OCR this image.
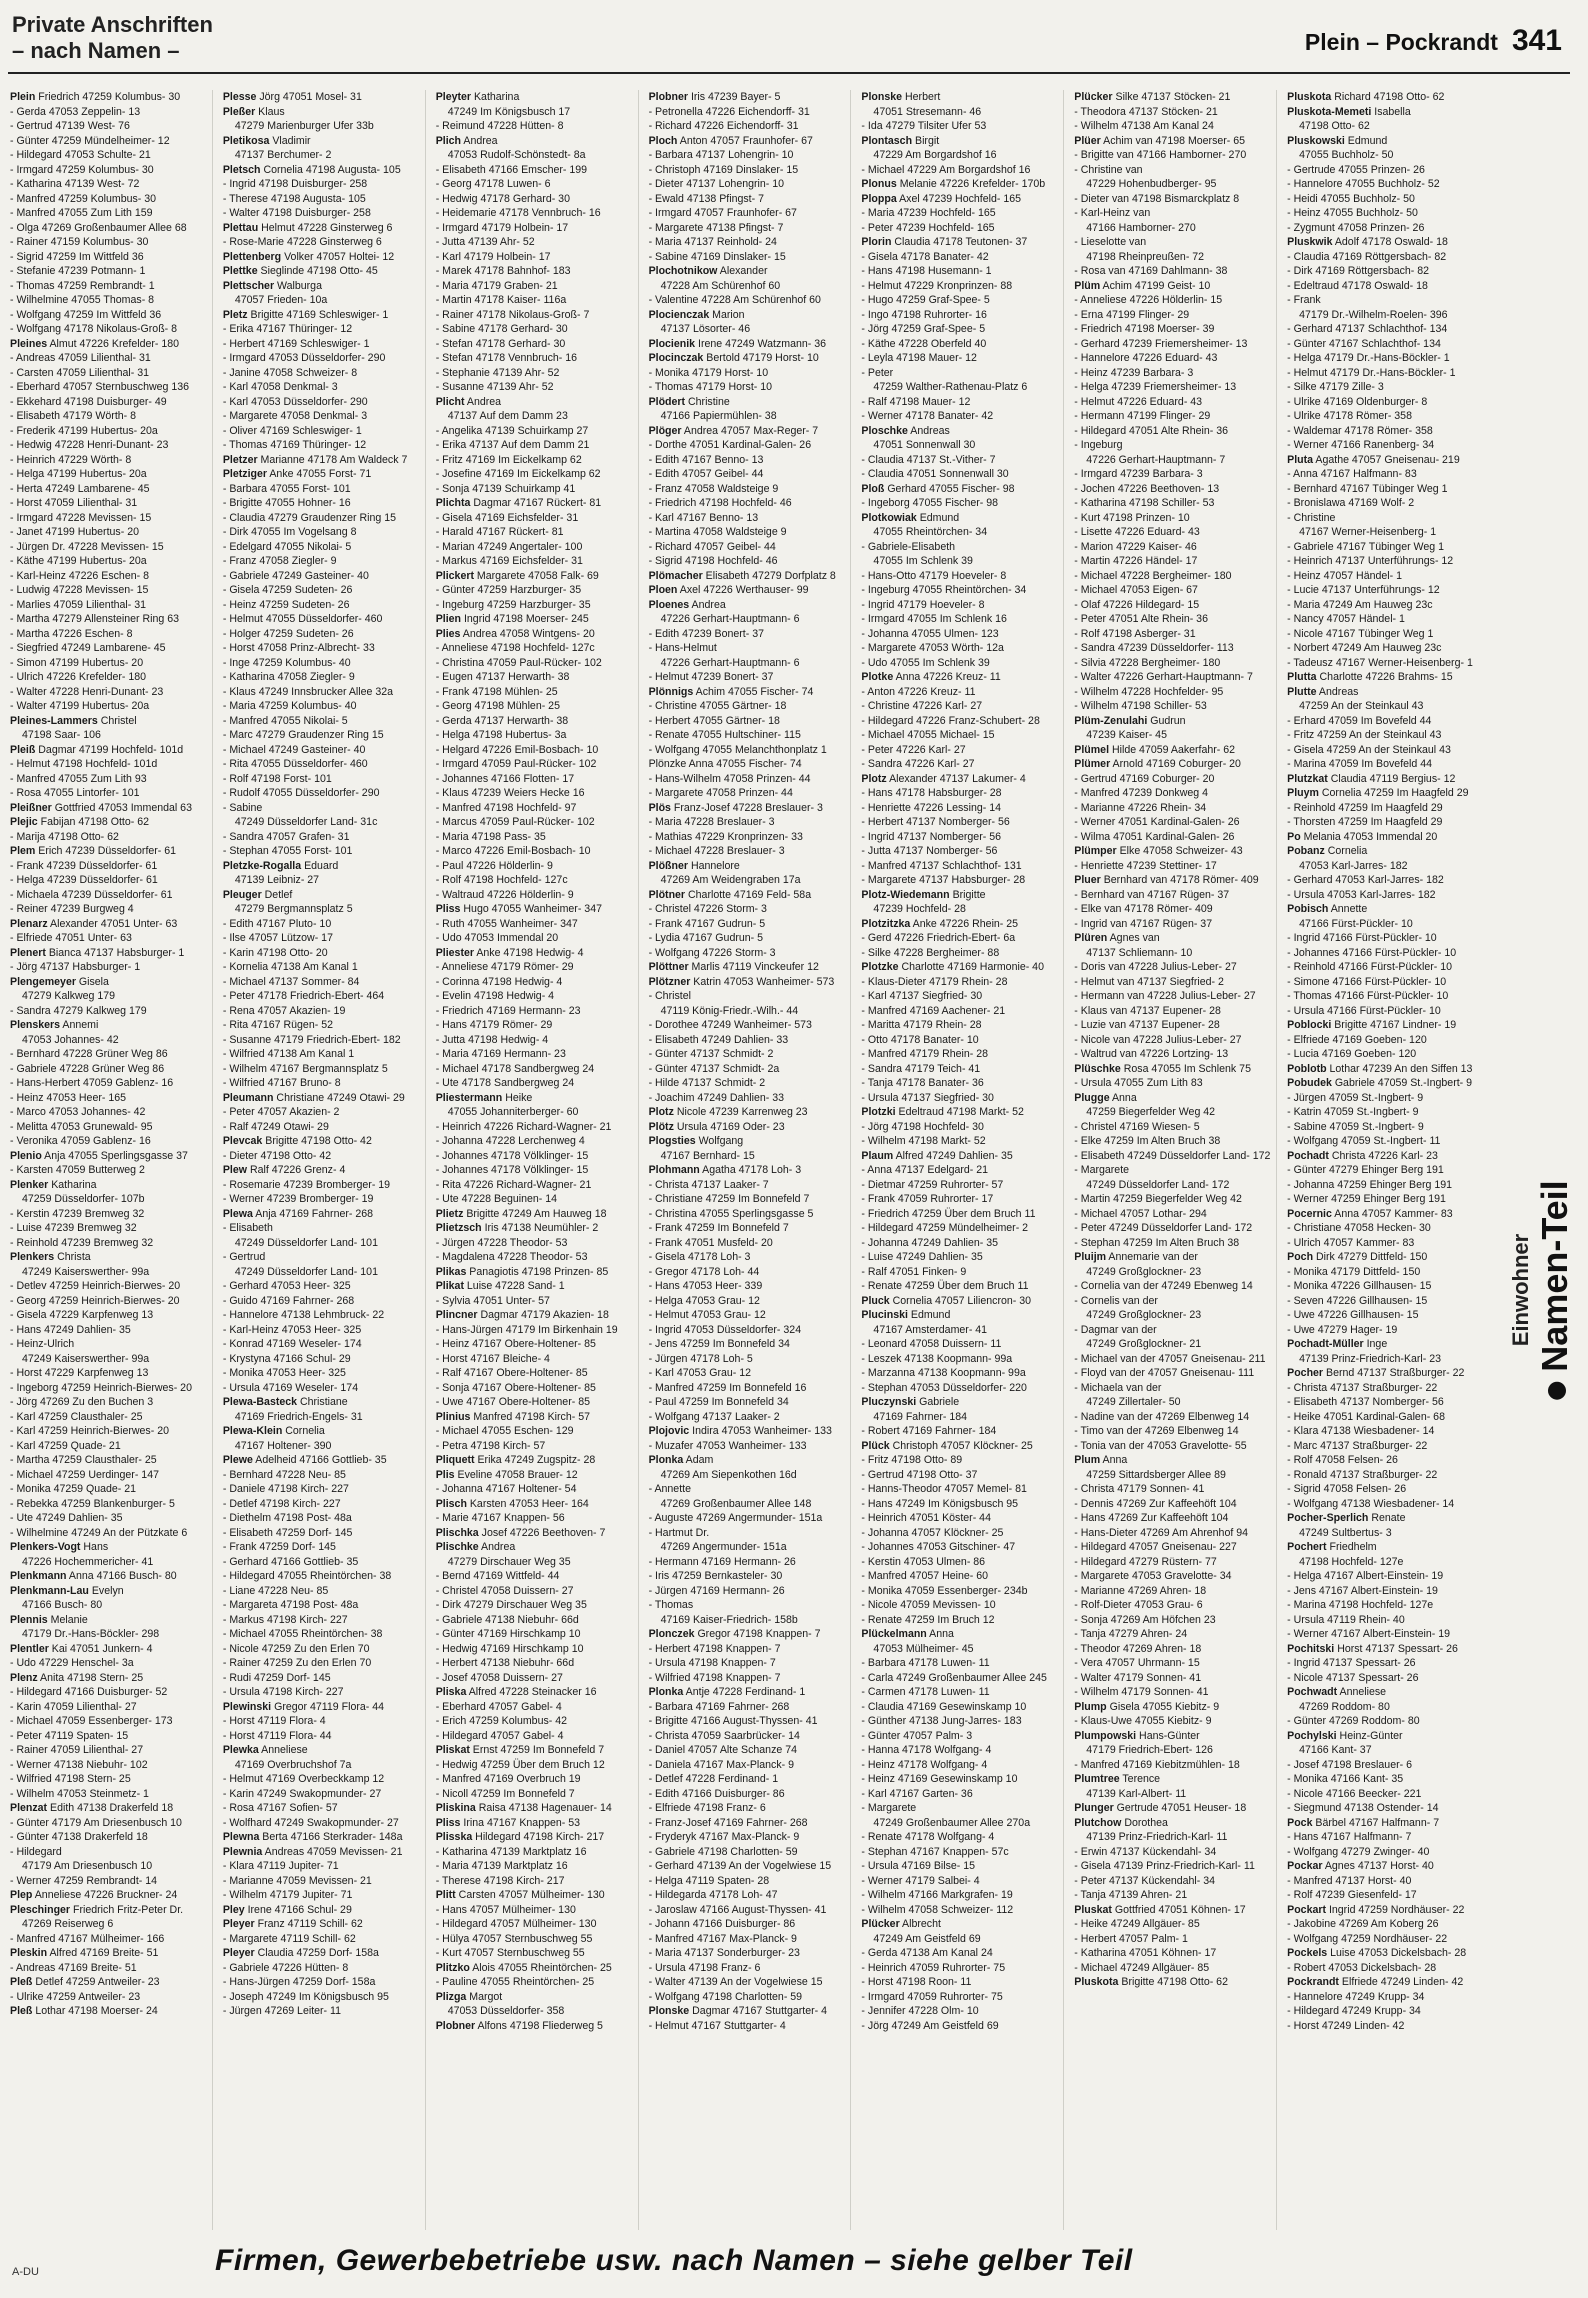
Private Anschriften
– nach Namen –	Plein – Pockrandt 341
Plein Friedrich 47259 Kolumbus- 30
- Gerda 47053 Zeppelin- 13
- Gertrud 47139 West- 76
- Günter 47259 Mündelheimer- 12
- Hildegard 47053 Schulte- 21
- Irmgard 47259 Kolumbus- 30
- Katharina 47139 West- 72
- Manfred 47259 Kolumbus- 30
- Manfred 47055 Zum Lith 159
- Olga 47269 Großenbaumer Allee 68
- Rainer 47159 Kolumbus- 30
- Sigrid 47259 Im Wittfeld 36
- Stefanie 47239 Potmann- 1
- Thomas 47259 Rembrandt- 1
- Wilhelmine 47055 Thomas- 8
- Wolfgang 47259 Im Wittfeld 36
- Wolfgang 47178 Nikolaus-Groß- 8
Pleines Almut 47226 Krefelder- 180
- Andreas 47059 Lilienthal- 31
- Carsten 47059 Lilienthal- 31
- Eberhard 47057 Sternbuschweg 136
- Ekkehard 47198 Duisburger- 49
- Elisabeth 47179 Wörth- 8
- Frederik 47199 Hubertus- 20a
- Hedwig 47228 Henri-Dunant- 23
- Heinrich 47229 Wörth- 8
- Helga 47199 Hubertus- 20a
- Herta 47249 Lambarene- 45
- Horst 47059 Lilienthal- 31
- Irmgard 47228 Mevissen- 15
- Janet 47199 Hubertus- 20
- Jürgen Dr. 47228 Mevissen- 15
- Käthe 47199 Hubertus- 20a
- Karl-Heinz 47226 Eschen- 8
- Ludwig 47228 Mevissen- 15
- Marlies 47059 Lilienthal- 31
- Martha 47279 Allensteiner Ring 63
- Martha 47226 Eschen- 8
- Siegfried 47249 Lambarene- 45
- Simon 47199 Hubertus- 20
- Ulrich 47226 Krefelder- 180
- Walter 47228 Henri-Dunant- 23
- Walter 47199 Hubertus- 20a
Pleines-Lammers Christel
47198 Saar- 106
Pleiß Dagmar 47199 Hochfeld- 101d
- Helmut 47198 Hochfeld- 101d
- Manfred 47055 Zum Lith 93
- Rosa 47055 Lintorfer- 101
Pleißner Gottfried 47053 Immendal 63
Plejic Fabijan 47198 Otto- 62
- Marija 47198 Otto- 62
Plem Erich 47239 Düsseldorfer- 61
- Frank 47239 Düsseldorfer- 61
- Helga 47239 Düsseldorfer- 61
- Michaela 47239 Düsseldorfer- 61
- Reiner 47239 Burgweg 4
Plenarz Alexander 47051 Unter- 63
- Elfriede 47051 Unter- 63
Plenert Bianca 47137 Habsburger- 1
- Jörg 47137 Habsburger- 1
Plengemeyer Gisela
47279 Kalkweg 179
- Sandra 47279 Kalkweg 179
Plenskers Annemi
47053 Johannes- 42
- Bernhard 47228 Grüner Weg 86
- Gabriele 47228 Grüner Weg 86
- Hans-Herbert 47059 Gablenz- 16
- Heinz 47053 Heer- 165
- Marco 47053 Johannes- 42
- Melitta 47053 Grunewald- 95
- Veronika 47059 Gablenz- 16
Plenio Anja 47055 Sperlingsgasse 37
- Karsten 47059 Butterweg 2
Plenker Katharina
47259 Düsseldorfer- 107b
- Kerstin 47239 Bremweg 32
- Luise 47239 Bremweg 32
- Reinhold 47239 Bremweg 32
Plenkers Christa
47249 Kaiserswerther- 99a
- Detlev 47259 Heinrich-Bierwes- 20
- Georg 47259 Heinrich-Bierwes- 20
- Gisela 47229 Karpfenweg 13
- Hans 47249 Dahlien- 35
- Heinz-Ulrich
47249 Kaiserswerther- 99a
- Horst 47229 Karpfenweg 13
- Ingeborg 47259 Heinrich-Bierwes- 20
- Jörg 47269 Zu den Buchen 3
- Karl 47259 Clausthaler- 25
- Karl 47259 Heinrich-Bierwes- 20
- Karl 47259 Quade- 21
- Martha 47259 Clausthaler- 25
- Michael 47259 Uerdinger- 147
- Monika 47259 Quade- 21
- Rebekka 47259 Blankenburger- 5
- Ute 47249 Dahlien- 35
- Wilhelmine 47249 An der Pützkate 6
Plenkers-Vogt Hans
47226 Hochemmericher- 41
Plenkmann Anna 47166 Busch- 80
Plenkmann-Lau Evelyn
47166 Busch- 80
Plennis Melanie
47179 Dr.-Hans-Böckler- 298
Plentler Kai 47051 Junkern- 4
- Udo 47229 Henschel- 3a
Plenz Anita 47198 Stern- 25
- Hildegard 47166 Duisburger- 52
- Karin 47059 Lilienthal- 27
- Michael 47059 Essenberger- 173
- Peter 47119 Spaten- 15
- Rainer 47059 Lilienthal- 27
- Werner 47138 Niebuhr- 102
- Wilfried 47198 Stern- 25
- Wilhelm 47053 Steinmetz- 1
Plenzat Edith 47138 Drakerfeld 18
- Günter 47179 Am Driesenbusch 10
- Günter 47138 Drakerfeld 18
- Hildegard
47179 Am Driesenbusch 10
- Werner 47259 Rembrandt- 14
Plep Anneliese 47226 Bruckner- 24
Pleschinger Friedrich Fritz-Peter Dr.
47269 Reiserweg 6
- Manfred 47167 Mülheimer- 166
Pleskin Alfred 47169 Breite- 51
- Andreas 47169 Breite- 51
Pleß Detlef 47259 Antweiler- 23
- Ulrike 47259 Antweiler- 23
Pleß Lothar 47198 Moerser- 24
Plesse Jörg 47051 Mosel- 31
Pleßer Klaus
47279 Marienburger Ufer 33b
Pletikosa Vladimir
47137 Berchumer- 2
Pletsch Cornelia 47198 Augusta- 105
- Ingrid 47198 Duisburger- 258
- Therese 47198 Augusta- 105
- Walter 47198 Duisburger- 258
Plettau Helmut 47228 Ginsterweg 6
- Rose-Marie 47228 Ginsterweg 6
Plettenberg Volker 47057 Holtei- 12
Plettke Sieglinde 47198 Otto- 45
Plettscher Walburga
47057 Frieden- 10a
Pletz Brigitte 47169 Schleswiger- 1
- Erika 47167 Thüringer- 12
- Herbert 47169 Schleswiger- 1
- Irmgard 47053 Düsseldorfer- 290
- Janine 47058 Schweizer- 8
- Karl 47058 Denkmal- 3
- Karl 47053 Düsseldorfer- 290
- Margarete 47058 Denkmal- 3
- Oliver 47169 Schleswiger- 1
- Thomas 47169 Thüringer- 12
Pletzer Marianne 47178 Am Waldeck 7
Pletziger Anke 47055 Forst- 71
- Barbara 47055 Forst- 101
- Brigitte 47055 Hohner- 16
- Claudia 47279 Graudenzer Ring 15
- Dirk 47055 Im Vogelsang 8
- Edelgard 47055 Nikolai- 5
- Franz 47058 Ziegler- 9
- Gabriele 47249 Gasteiner- 40
- Gisela 47259 Sudeten- 26
- Heinz 47259 Sudeten- 26
- Helmut 47055 Düsseldorfer- 460
- Holger 47259 Sudeten- 26
- Horst 47058 Prinz-Albrecht- 33
- Inge 47259 Kolumbus- 40
- Katharina 47058 Ziegler- 9
- Klaus 47249 Innsbrucker Allee 32a
- Maria 47259 Kolumbus- 40
- Manfred 47055 Nikolai- 5
- Marc 47279 Graudenzer Ring 15
- Michael 47249 Gasteiner- 40
- Rita 47055 Düsseldorfer- 460
- Rolf 47198 Forst- 101
- Rudolf 47055 Düsseldorfer- 290
- Sabine
47249 Düsseldorfer Land- 31c
- Sandra 47057 Grafen- 31
- Stephan 47055 Forst- 101
Pletzke-Rogalla Eduard
47139 Leibniz- 27
Pleuger Detlef
47279 Bergmannsplatz 5
- Edith 47167 Pluto- 10
- Ilse 47057 Lützow- 17
- Karin 47198 Otto- 20
- Kornelia 47138 Am Kanal 1
- Michael 47137 Sommer- 84
- Peter 47178 Friedrich-Ebert- 464
- Rena 47057 Akazien- 19
- Rita 47167 Rügen- 52
- Susanne 47179 Friedrich-Ebert- 182
- Wilfried 47138 Am Kanal 1
- Wilhelm 47167 Bergmannsplatz 5
- Wilfried 47167 Bruno- 8
Pleumann Christiane 47249 Otawi- 29
- Peter 47057 Akazien- 2
- Ralf 47249 Otawi- 29
Plevcak Brigitte 47198 Otto- 42
- Dieter 47198 Otto- 42
Plew Ralf 47226 Grenz- 4
- Rosemarie 47239 Bromberger- 19
- Werner 47239 Bromberger- 19
Plewa Anja 47169 Fahrner- 268
- Elisabeth
47249 Düsseldorfer Land- 101
- Gertrud
47249 Düsseldorfer Land- 101
- Gerhard 47053 Heer- 325
- Guido 47169 Fahrner- 268
- Hannelore 47138 Lehmbruck- 22
- Karl-Heinz 47053 Heer- 325
- Konrad 47169 Weseler- 174
- Krystyna 47166 Schul- 29
- Monika 47053 Heer- 325
- Ursula 47169 Weseler- 174
Plewa-Basteck Christiane
47169 Friedrich-Engels- 31
Plewa-Klein Cornelia
47167 Holtener- 390
Plewe Adelheid 47166 Gottlieb- 35
- Bernhard 47228 Neu- 85
- Daniele 47198 Kirch- 227
- Detlef 47198 Kirch- 227
- Diethelm 47198 Post- 48a
- Elisabeth 47259 Dorf- 145
- Frank 47259 Dorf- 145
- Gerhard 47166 Gottlieb- 35
- Hildegard 47055 Rheintörchen- 38
- Liane 47228 Neu- 85
- Margareta 47198 Post- 48a
- Markus 47198 Kirch- 227
- Michael 47055 Rheintörchen- 38
- Nicole 47259 Zu den Erlen 70
- Rainer 47259 Zu den Erlen 70
- Rudi 47259 Dorf- 145
- Ursula 47198 Kirch- 227
Plewinski Gregor 47119 Flora- 44
- Horst 47119 Flora- 4
- Horst 47119 Flora- 44
Plewka Anneliese
47169 Overbruchshof 7a
- Helmut 47169 Overbeckkamp 12
- Karin 47249 Swakopmunder- 27
- Rosa 47167 Sofien- 57
- Wolfhard 47249 Swakopmunder- 27
Plewna Berta 47166 Sterkrader- 148a
Plewnia Andreas 47059 Mevissen- 21
- Klara 47119 Jupiter- 71
- Marianne 47059 Mevissen- 21
- Wilhelm 47179 Jupiter- 71
Pley Irene 47166 Schul- 29
Pleyer Franz 47119 Schill- 62
- Margarete 47119 Schill- 62
Pleyer Claudia 47259 Dorf- 158a
- Gabriele 47226 Hütten- 8
- Hans-Jürgen 47259 Dorf- 158a
- Joseph 47249 Im Königsbusch 95
- Jürgen 47269 Leiter- 11
Pleyter Katharina
47249 Im Königsbusch 17
- Reimund 47228 Hütten- 8
Plich Andrea
47053 Rudolf-Schönstedt- 8a
- Elisabeth 47166 Emscher- 199
- Georg 47178 Luwen- 6
- Hedwig 47178 Gerhard- 30
- Heidemarie 47178 Vennbruch- 16
- Irmgard 47179 Holbein- 17
- Jutta 47139 Ahr- 52
- Karl 47179 Holbein- 17
- Marek 47178 Bahnhof- 183
- Maria 47179 Graben- 21
- Martin 47178 Kaiser- 116a
- Rainer 47178 Nikolaus-Groß- 7
- Sabine 47178 Gerhard- 30
- Stefan 47178 Gerhard- 30
- Stefan 47178 Vennbruch- 16
- Stephanie 47139 Ahr- 52
- Susanne 47139 Ahr- 52
Plicht Andrea
47137 Auf dem Damm 23
- Angelika 47139 Schuirkamp 27
- Erika 47137 Auf dem Damm 21
- Fritz 47169 Im Eickelkamp 62
- Josefine 47169 Im Eickelkamp 62
- Sonja 47139 Schuirkamp 41
Plichta Dagmar 47167 Rückert- 81
- Gisela 47169 Eichsfelder- 31
- Harald 47167 Rückert- 81
- Marian 47249 Angertaler- 100
- Markus 47169 Eichsfelder- 31
Plickert Margarete 47058 Falk- 69
- Günter 47259 Harzburger- 35
- Ingeburg 47259 Harzburger- 35
Plien Ingrid 47198 Moerser- 245
Plies Andrea 47058 Wintgens- 20
- Anneliese 47198 Hochfeld- 127c
- Christina 47059 Paul-Rücker- 102
- Eugen 47137 Herwarth- 38
- Frank 47198 Mühlen- 25
- Georg 47198 Mühlen- 25
- Gerda 47137 Herwarth- 38
- Helga 47198 Hubertus- 3a
- Helgard 47226 Emil-Bosbach- 10
- Irmgard 47059 Paul-Rücker- 102
- Johannes 47166 Flotten- 17
- Klaus 47239 Weiers Hecke 16
- Manfred 47198 Hochfeld- 97
- Marcus 47059 Paul-Rücker- 102
- Maria 47198 Pass- 35
- Marco 47226 Emil-Bosbach- 10
- Paul 47226 Hölderlin- 9
- Rolf 47198 Hochfeld- 127c
- Waltraud 47226 Hölderlin- 9
Pliss Hugo 47055 Wanheimer- 347
- Ruth 47055 Wanheimer- 347
- Udo 47053 Immendal 20
Pliester Anke 47198 Hedwig- 4
- Anneliese 47179 Römer- 29
- Corinna 47198 Hedwig- 4
- Evelin 47198 Hedwig- 4
- Friedrich 47169 Hermann- 23
- Hans 47179 Römer- 29
- Jutta 47198 Hedwig- 4
- Maria 47169 Hermann- 23
- Michael 47178 Sandbergweg 24
- Ute 47178 Sandbergweg 24
Pliestermann Heike
47055 Johanniterberger- 60
- Heinrich 47226 Richard-Wagner- 21
- Johanna 47228 Lerchenweg 4
- Johannes 47178 Völklinger- 15
- Johannes 47178 Völklinger- 15
- Rita 47226 Richard-Wagner- 21
- Ute 47228 Beguinen- 14
Plietz Brigitte 47249 Am Hauweg 18
Plietzsch Iris 47138 Neumühler- 2
- Jürgen 47228 Theodor- 53
- Magdalena 47228 Theodor- 53
Plikas Panagiotis 47198 Prinzen- 85
Plikat Luise 47228 Sand- 1
- Sylvia 47051 Unter- 57
Plincner Dagmar 47179 Akazien- 18
- Hans-Jürgen 47179 Im Birkenhain 19
- Heinz 47167 Obere-Holtener- 85
- Horst 47167 Bleiche- 4
- Ralf 47167 Obere-Holtener- 85
- Sonja 47167 Obere-Holtener- 85
- Uwe 47167 Obere-Holtener- 85
Plinius Manfred 47198 Kirch- 57
- Michael 47055 Eschen- 129
- Petra 47198 Kirch- 57
Pliquett Erika 47249 Zugspitz- 28
Plis Eveline 47058 Brauer- 12
- Johanna 47167 Holtener- 54
Plisch Karsten 47053 Heer- 164
- Marie 47167 Knappen- 56
Plischka Josef 47226 Beethoven- 7
Plischke Andrea
47279 Dirschauer Weg 35
- Bernd 47169 Wittfeld- 44
- Christel 47058 Duissern- 27
- Dirk 47279 Dirschauer Weg 35
- Gabriele 47138 Niebuhr- 66d
- Günter 47169 Hirschkamp 10
- Hedwig 47169 Hirschkamp 10
- Herbert 47138 Niebuhr- 66d
- Josef 47058 Duissern- 27
Pliska Alfred 47228 Steinacker 16
- Eberhard 47057 Gabel- 4
- Erich 47259 Kolumbus- 42
- Hildegard 47057 Gabel- 4
Pliskat Ernst 47259 Im Bonnefeld 7
- Hedwig 47259 Über dem Bruch 12
- Manfred 47169 Overbruch 19
- Nicoll 47259 Im Bonnefeld 7
Pliskina Raisa 47138 Hagenauer- 14
Pliss Irina 47167 Knappen- 53
Plisska Hildegard 47198 Kirch- 217
- Katharina 47139 Marktplatz 16
- Maria 47139 Marktplatz 16
- Therese 47198 Kirch- 217
Plitt Carsten 47057 Mülheimer- 130
- Hans 47057 Mülheimer- 130
- Hildegard 47057 Mülheimer- 130
- Hülya 47057 Sternbuschweg 55
- Kurt 47057 Sternbuschweg 55
Plitzko Alois 47055 Rheintörchen- 25
- Pauline 47055 Rheintörchen- 25
Plizga Margot
47053 Düsseldorfer- 358
Plobner Alfons 47198 Fliederweg 5
Plobner Iris 47239 Bayer- 5
- Petronella 47226 Eichendorff- 31
- Richard 47226 Eichendorff- 31
Ploch Anton 47057 Fraunhofer- 67
- Barbara 47137 Lohengrin- 10
- Christoph 47169 Dinslaker- 15
- Dieter 47137 Lohengrin- 10
- Ewald 47138 Pfingst- 7
- Irmgard 47057 Fraunhofer- 67
- Margarete 47138 Pfingst- 7
- Maria 47137 Reinhold- 24
- Sabine 47169 Dinslaker- 15
Plochotnikow Alexander
47228 Am Schürenhof 60
- Valentine 47228 Am Schürenhof 60
Plocienczak Marion
47137 Lösorter- 46
Plocienik Irene 47249 Watzmann- 36
Plocinczak Bertold 47179 Horst- 10
- Monika 47179 Horst- 10
- Thomas 47179 Horst- 10
Plödert Christine
47166 Papiermühlen- 38
Plöger Andrea 47057 Max-Reger- 7
- Dorthe 47051 Kardinal-Galen- 26
- Edith 47167 Benno- 13
- Edith 47057 Geibel- 44
- Franz 47058 Waldsteige 9
- Friedrich 47198 Hochfeld- 46
- Karl 47167 Benno- 13
- Martina 47058 Waldsteige 9
- Richard 47057 Geibel- 44
- Sigrid 47198 Hochfeld- 46
Plömacher Elisabeth 47279 Dorfplatz 8
Ploen Axel 47226 Werthauser- 99
Ploenes Andrea
47226 Gerhart-Hauptmann- 6
- Edith 47239 Bonert- 37
- Hans-Helmut
47226 Gerhart-Hauptmann- 6
- Helmut 47239 Bonert- 37
Plönnigs Achim 47055 Fischer- 74
- Christine 47055 Gärtner- 18
- Herbert 47055 Gärtner- 18
- Renate 47055 Hultschiner- 115
- Wolfgang 47055 Melanchthonplatz 1
Plönzke Anna 47055 Fischer- 74
- Hans-Wilhelm 47058 Prinzen- 44
- Margarete 47058 Prinzen- 44
Plös Franz-Josef 47228 Breslauer- 3
- Maria 47228 Breslauer- 3
- Mathias 47229 Kronprinzen- 33
- Michael 47228 Breslauer- 3
Plößner Hannelore
47269 Am Weidengraben 17a
Plötner Charlotte 47169 Feld- 58a
- Christel 47226 Storm- 3
- Frank 47167 Gudrun- 5
- Lydia 47167 Gudrun- 5
- Wolfgang 47226 Storm- 3
Plöttner Marlis 47119 Vinckeufer 12
Plötzner Katrin 47053 Wanheimer- 573
- Christel
47119 König-Friedr.-Wilh.- 44
- Dorothee 47249 Wanheimer- 573
- Elisabeth 47249 Dahlien- 33
- Günter 47137 Schmidt- 2
- Günter 47137 Schmidt- 2a
- Hilde 47137 Schmidt- 2
- Joachim 47249 Dahlien- 33
Plotz Nicole 47239 Karrenweg 23
Plötz Ursula 47169 Oder- 23
Plogsties Wolfgang
47167 Bernhard- 15
Plohmann Agatha 47178 Loh- 3
- Christa 47137 Laaker- 7
- Christiane 47259 Im Bonnefeld 7
- Christina 47055 Sperlingsgasse 5
- Frank 47259 Im Bonnefeld 7
- Frank 47051 Musfeld- 20
- Gisela 47178 Loh- 3
- Gregor 47178 Loh- 44
- Hans 47053 Heer- 339
- Helga 47053 Grau- 12
- Helmut 47053 Grau- 12
- Ingrid 47053 Düsseldorfer- 324
- Jens 47259 Im Bonnefeld 34
- Jürgen 47178 Loh- 5
- Karl 47053 Grau- 12
- Manfred 47259 Im Bonnefeld 16
- Paul 47259 Im Bonnefeld 34
- Wolfgang 47137 Laaker- 2
Plojovic Indira 47053 Wanheimer- 133
- Muzafer 47053 Wanheimer- 133
Plonka Adam
47269 Am Siepenkothen 16d
- Annette
47269 Großenbaumer Allee 148
- Auguste 47269 Angermunder- 151a
- Hartmut Dr.
47269 Angermunder- 151a
- Hermann 47169 Hermann- 26
- Iris 47259 Bernkasteler- 30
- Jürgen 47169 Hermann- 26
- Thomas
47169 Kaiser-Friedrich- 158b
Plonczek Gregor 47198 Knappen- 7
- Herbert 47198 Knappen- 7
- Ursula 47198 Knappen- 7
- Wilfried 47198 Knappen- 7
Plonka Antje 47228 Ferdinand- 1
- Barbara 47169 Fahrner- 268
- Brigitte 47166 August-Thyssen- 41
- Christa 47059 Saarbrücker- 14
- Daniel 47057 Alte Schanze 74
- Daniela 47167 Max-Planck- 9
- Detlef 47228 Ferdinand- 1
- Edith 47166 Duisburger- 86
- Elfriede 47198 Franz- 6
- Franz-Josef 47169 Fahrner- 268
- Fryderyk 47167 Max-Planck- 9
- Gabriele 47198 Charlotten- 59
- Gerhard 47139 An der Vogelwiese 15
- Helga 47119 Spaten- 28
- Hildegarda 47178 Loh- 47
- Jaroslaw 47166 August-Thyssen- 41
- Johann 47166 Duisburger- 86
- Manfred 47167 Max-Planck- 9
- Maria 47137 Sonderburger- 23
- Ursula 47198 Franz- 6
- Walter 47139 An der Vogelwiese 15
- Wolfgang 47198 Charlotten- 59
Plonske Dagmar 47167 Stuttgarter- 4
- Helmut 47167 Stuttgarter- 4
Plonske Herbert
47051 Stresemann- 46
- Ida 47279 Tilsiter Ufer 53
Plontasch Birgit
47229 Am Borgardshof 16
- Michael 47229 Am Borgardshof 16
Plonus Melanie 47226 Krefelder- 170b
Ploppa Axel 47239 Hochfeld- 165
- Maria 47239 Hochfeld- 165
- Peter 47239 Hochfeld- 165
Plorin Claudia 47178 Teutonen- 37
- Gisela 47178 Banater- 42
- Hans 47198 Husemann- 1
- Helmut 47229 Kronprinzen- 88
- Hugo 47259 Graf-Spee- 5
- Ingo 47198 Ruhrorter- 16
- Jörg 47259 Graf-Spee- 5
- Käthe 47228 Oberfeld 40
- Leyla 47198 Mauer- 12
- Peter
47259 Walther-Rathenau-Platz 6
- Ralf 47198 Mauer- 12
- Werner 47178 Banater- 42
Ploschke Andreas
47051 Sonnenwall 30
- Claudia 47137 St.-Vither- 7
- Claudia 47051 Sonnenwall 30
Ploß Gerhard 47055 Fischer- 98
- Ingeborg 47055 Fischer- 98
Plotkowiak Edmund
47055 Rheintörchen- 34
- Gabriele-Elisabeth
47055 Im Schlenk 39
- Hans-Otto 47179 Hoeveler- 8
- Ingeburg 47055 Rheintörchen- 34
- Ingrid 47179 Hoeveler- 8
- Irmgard 47055 Im Schlenk 16
- Johanna 47055 Ulmen- 123
- Margarete 47053 Wörth- 12a
- Udo 47055 Im Schlenk 39
Plotke Anna 47226 Kreuz- 11
- Anton 47226 Kreuz- 11
- Christine 47226 Karl- 27
- Hildegard 47226 Franz-Schubert- 28
- Michael 47055 Michael- 15
- Peter 47226 Karl- 27
- Sandra 47226 Karl- 27
Plotz Alexander 47137 Lakumer- 4
- Hans 47178 Habsburger- 28
- Henriette 47226 Lessing- 14
- Herbert 47137 Nomberger- 56
- Ingrid 47137 Nomberger- 56
- Jutta 47137 Nomberger- 56
- Manfred 47137 Schlachthof- 131
- Margarete 47137 Habsburger- 28
Plotz-Wiedemann Brigitte
47239 Hochfeld- 28
Plotzitzka Anke 47226 Rhein- 25
- Gerd 47226 Friedrich-Ebert- 6a
- Silke 47228 Bergheimer- 88
Plotzke Charlotte 47169 Harmonie- 40
- Klaus-Dieter 47179 Rhein- 28
- Karl 47137 Siegfried- 30
- Manfred 47169 Aachener- 21
- Maritta 47179 Rhein- 28
- Otto 47178 Banater- 10
- Manfred 47179 Rhein- 28
- Sandra 47179 Teich- 41
- Tanja 47178 Banater- 36
- Ursula 47137 Siegfried- 30
Plotzki Edeltraud 47198 Markt- 52
- Jörg 47198 Hochfeld- 30
- Wilhelm 47198 Markt- 52
Plaum Alfred 47249 Dahlien- 35
- Anna 47137 Edelgard- 21
- Dietmar 47259 Ruhrorter- 57
- Frank 47059 Ruhrorter- 17
- Friedrich 47259 Über dem Bruch 11
- Hildegard 47259 Mündelheimer- 2
- Johanna 47249 Dahlien- 35
- Luise 47249 Dahlien- 35
- Ralf 47051 Finken- 9
- Renate 47259 Über dem Bruch 11
Pluck Cornelia 47057 Liliencron- 30
Plucinski Edmund
47167 Amsterdamer- 41
- Leonard 47058 Duissern- 11
- Leszek 47138 Koopmann- 99a
- Marzanna 47138 Koopmann- 99a
- Stephan 47053 Düsseldorfer- 220
Pluczynski Gabriele
47169 Fahrner- 184
- Robert 47169 Fahrner- 184
Plück Christoph 47057 Klöckner- 25
- Fritz 47198 Otto- 89
- Gertrud 47198 Otto- 37
- Hanns-Theodor 47057 Memel- 81
- Hans 47249 Im Königsbusch 95
- Heinrich 47051 Köster- 44
- Johanna 47057 Klöckner- 25
- Johannes 47053 Gitschiner- 47
- Kerstin 47053 Ulmen- 86
- Manfred 47057 Heine- 60
- Monika 47059 Essenberger- 234b
- Nicole 47059 Mevissen- 10
- Renate 47259 Im Bruch 12
Plückelmann Anna
47053 Mülheimer- 45
- Barbara 47178 Luwen- 11
- Carla 47249 Großenbaumer Allee 245
- Carmen 47178 Luwen- 11
- Claudia 47169 Gesewinskamp 10
- Günther 47138 Jung-Jarres- 183
- Günter 47057 Palm- 3
- Hanna 47178 Wolfgang- 4
- Heinz 47178 Wolfgang- 4
- Heinz 47169 Gesewinskamp 10
- Karl 47167 Garten- 36
- Margarete
47249 Großenbaumer Allee 270a
- Renate 47178 Wolfgang- 4
- Stephan 47167 Knappen- 57c
- Ursula 47169 Bilse- 15
- Werner 47179 Salbei- 4
- Wilhelm 47166 Markgrafen- 19
- Wilhelm 47058 Schweizer- 112
Plücker Albrecht
47249 Am Geistfeld 69
- Gerda 47138 Am Kanal 24
- Heinrich 47059 Ruhrorter- 75
- Horst 47198 Roon- 11
- Irmgard 47059 Ruhrorter- 75
- Jennifer 47228 Olm- 10
- Jörg 47249 Am Geistfeld 69
Plücker Silke 47137 Stöcken- 21
- Theodora 47137 Stöcken- 21
- Wilhelm 47138 Am Kanal 24
Plüer Achim van 47198 Moerser- 65
- Brigitte van 47166 Hamborner- 270
- Christine van
47229 Hohenbudberger- 95
- Dieter van 47198 Bismarckplatz 8
- Karl-Heinz van
47166 Hamborner- 270
- Lieselotte van
47198 Rheinpreußen- 72
- Rosa van 47169 Dahlmann- 38
Plüm Achim 47199 Geist- 10
- Anneliese 47226 Hölderlin- 15
- Erna 47199 Flinger- 29
- Friedrich 47198 Moerser- 39
- Gerhard 47239 Friemersheimer- 13
- Hannelore 47226 Eduard- 43
- Heinz 47239 Barbara- 3
- Helga 47239 Friemersheimer- 13
- Helmut 47226 Eduard- 43
- Hermann 47199 Flinger- 29
- Hildegard 47051 Alte Rhein- 36
- Ingeburg
47226 Gerhart-Hauptmann- 7
- Irmgard 47239 Barbara- 3
- Jochen 47226 Beethoven- 13
- Katharina 47198 Schiller- 53
- Kurt 47198 Prinzen- 10
- Lisette 47226 Eduard- 43
- Marion 47229 Kaiser- 46
- Martin 47226 Händel- 17
- Michael 47228 Bergheimer- 180
- Michael 47053 Eigen- 67
- Olaf 47226 Hildegard- 15
- Peter 47051 Alte Rhein- 36
- Rolf 47198 Asberger- 31
- Sandra 47239 Düsseldorfer- 113
- Silvia 47228 Bergheimer- 180
- Walter 47226 Gerhart-Hauptmann- 7
- Wilhelm 47228 Hochfelder- 95
- Wilhelm 47198 Schiller- 53
Plüm-Zenulahi Gudrun
47239 Kaiser- 45
Plümel Hilde 47059 Aakerfahr- 62
Plümer Arnold 47169 Coburger- 20
- Gertrud 47169 Coburger- 20
- Manfred 47239 Donkweg 4
- Marianne 47226 Rhein- 34
- Werner 47051 Kardinal-Galen- 26
- Wilma 47051 Kardinal-Galen- 26
Plümper Elke 47058 Schweizer- 43
- Henriette 47239 Stettiner- 17
Pluer Bernhard van 47178 Römer- 409
- Bernhard van 47167 Rügen- 37
- Elke van 47178 Römer- 409
- Ingrid van 47167 Rügen- 37
Plüren Agnes van
47137 Schliemann- 10
- Doris van 47228 Julius-Leber- 27
- Helmut van 47137 Siegfried- 2
- Hermann van 47228 Julius-Leber- 27
- Klaus van 47137 Eupener- 28
- Luzie van 47137 Eupener- 28
- Nicole van 47228 Julius-Leber- 27
- Waltrud van 47226 Lortzing- 13
Plüschke Rosa 47055 Im Schlenk 75
- Ursula 47055 Zum Lith 83
Plugge Anna
47259 Biegerfelder Weg 42
- Christel 47169 Wiesen- 5
- Elke 47259 Im Alten Bruch 38
- Elisabeth 47249 Düsseldorfer Land- 172
- Margarete
47249 Düsseldorfer Land- 172
- Martin 47259 Biegerfelder Weg 42
- Michael 47057 Lothar- 294
- Peter 47249 Düsseldorfer Land- 172
- Stephan 47259 Im Alten Bruch 38
Pluijm Annemarie van der
47249 Großglockner- 23
- Cornelia van der 47249 Ebenweg 14
- Cornelis van der
47249 Großglockner- 23
- Dagmar van der
47249 Großglockner- 21
- Michael van der 47057 Gneisenau- 211
- Floyd van der 47057 Gneisenau- 111
- Michaela van der
47249 Zillertaler- 50
- Nadine van der 47269 Elbenweg 14
- Timo van der 47269 Elbenweg 14
- Tonia van der 47053 Gravelotte- 55
Plum Anna
47259 Sittardsberger Allee 89
- Christa 47179 Sonnen- 41
- Dennis 47269 Zur Kaffeehöft 104
- Hans 47269 Zur Kaffeehöft 104
- Hans-Dieter 47269 Am Ahrenhof 94
- Hildegard 47057 Gneisenau- 227
- Hildegard 47279 Rüstern- 77
- Margarete 47053 Gravelotte- 34
- Marianne 47269 Ahren- 18
- Rolf-Dieter 47053 Grau- 6
- Sonja 47269 Am Höfchen 23
- Tanja 47279 Ahren- 24
- Theodor 47269 Ahren- 18
- Vera 47057 Uhrmann- 15
- Walter 47179 Sonnen- 41
- Wilhelm 47179 Sonnen- 41
Plump Gisela 47055 Kiebitz- 9
- Klaus-Uwe 47055 Kiebitz- 9
Plumpowski Hans-Günter
47179 Friedrich-Ebert- 126
- Manfred 47169 Kiebitzmühlen- 18
Plumtree Terence
47139 Karl-Albert- 11
Plunger Gertrude 47051 Heuser- 18
Plutchow Dorothea
47139 Prinz-Friedrich-Karl- 11
- Erwin 47137 Kückendahl- 34
- Gisela 47139 Prinz-Friedrich-Karl- 11
- Peter 47137 Kückendahl- 34
- Tanja 47139 Ahren- 21
Pluskat Gottfried 47051 Köhnen- 17
- Heike 47249 Allgäuer- 85
- Herbert 47057 Palm- 1
- Katharina 47051 Köhnen- 17
- Michael 47249 Allgäuer- 85
Pluskota Brigitte 47198 Otto- 62
Pluskota Richard 47198 Otto- 62
Pluskota-Memeti Isabella
47198 Otto- 62
Pluskowski Edmund
47055 Buchholz- 50
- Gertrude 47055 Prinzen- 26
- Hannelore 47055 Buchholz- 52
- Heidi 47055 Buchholz- 50
- Heinz 47055 Buchholz- 50
- Zygmunt 47058 Prinzen- 26
Pluskwik Adolf 47178 Oswald- 18
- Claudia 47169 Röttgersbach- 82
- Dirk 47169 Röttgersbach- 82
- Edeltraud 47178 Oswald- 18
- Frank
47179 Dr.-Wilhelm-Roelen- 396
- Gerhard 47137 Schlachthof- 134
- Günter 47167 Schlachthof- 134
- Helga 47179 Dr.-Hans-Böckler- 1
- Helmut 47179 Dr.-Hans-Böckler- 1
- Silke 47179 Zille- 3
- Ulrike 47169 Oldenburger- 8
- Ulrike 47178 Römer- 358
- Waldemar 47178 Römer- 358
- Werner 47166 Ranenberg- 34
Pluta Agathe 47057 Gneisenau- 219
- Anna 47167 Halfmann- 83
- Bernhard 47167 Tübinger Weg 1
- Bronislawa 47169 Wolf- 2
- Christine
47167 Werner-Heisenberg- 1
- Gabriele 47167 Tübinger Weg 1
- Heinrich 47137 Unterführungs- 12
- Heinz 47057 Händel- 1
- Lucie 47137 Unterführungs- 12
- Maria 47249 Am Hauweg 23c
- Nancy 47057 Händel- 1
- Nicole 47167 Tübinger Weg 1
- Norbert 47249 Am Hauweg 23c
- Tadeusz 47167 Werner-Heisenberg- 1
Plutta Charlotte 47226 Brahms- 15
Plutte Andreas
47259 An der Steinkaul 43
- Erhard 47059 Im Bovefeld 44
- Fritz 47259 An der Steinkaul 43
- Gisela 47259 An der Steinkaul 43
- Marina 47059 Im Bovefeld 44
Plutzkat Claudia 47119 Bergius- 12
Pluym Cornelia 47259 Im Haagfeld 29
- Reinhold 47259 Im Haagfeld 29
- Thorsten 47259 Im Haagfeld 29
Po Melania 47053 Immendal 20
Pobanz Cornelia
47053 Karl-Jarres- 182
- Gerhard 47053 Karl-Jarres- 182
- Ursula 47053 Karl-Jarres- 182
Pobisch Annette
47166 Fürst-Pückler- 10
- Ingrid 47166 Fürst-Pückler- 10
- Johannes 47166 Fürst-Pückler- 10
- Reinhold 47166 Fürst-Pückler- 10
- Simone 47166 Fürst-Pückler- 10
- Thomas 47166 Fürst-Pückler- 10
- Ursula 47166 Fürst-Pückler- 10
Poblocki Brigitte 47167 Lindner- 19
- Elfriede 47169 Goeben- 120
- Lucia 47169 Goeben- 120
Poblotb Lothar 47239 An den Siffen 13
Pobudek Gabriele 47059 St.-Ingbert- 9
- Jürgen 47059 St.-Ingbert- 9
- Katrin 47059 St.-Ingbert- 9
- Sabine 47059 St.-Ingbert- 9
- Wolfgang 47059 St.-Ingbert- 11
Pochadt Christa 47226 Karl- 23
- Günter 47279 Ehinger Berg 191
- Johanna 47259 Ehinger Berg 191
- Werner 47259 Ehinger Berg 191
Pocernic Anna 47057 Kammer- 83
- Christiane 47058 Hecken- 30
- Ulrich 47057 Kammer- 83
Poch Dirk 47279 Dittfeld- 150
- Monika 47179 Dittfeld- 150
- Monika 47226 Gillhausen- 15
- Seven 47226 Gillhausen- 15
- Uwe 47226 Gillhausen- 15
- Uwe 47279 Hager- 19
Pochadt-Müller Inge
47139 Prinz-Friedrich-Karl- 23
Pocher Bernd 47137 Straßburger- 22
- Christa 47137 Straßburger- 22
- Elisabeth 47137 Nomberger- 56
- Heike 47051 Kardinal-Galen- 68
- Klara 47138 Wiesbadener- 14
- Marc 47137 Straßburger- 22
- Rolf 47058 Felsen- 26
- Ronald 47137 Straßburger- 22
- Sigrid 47058 Felsen- 26
- Wolfgang 47138 Wiesbadener- 14
Pocher-Sperlich Renate
47249 Sultbertus- 3
Pochert Friedhelm
47198 Hochfeld- 127e
- Helga 47167 Albert-Einstein- 19
- Jens 47167 Albert-Einstein- 19
- Marina 47198 Hochfeld- 127e
- Ursula 47119 Rhein- 40
- Werner 47167 Albert-Einstein- 19
Pochitski Horst 47137 Spessart- 26
- Ingrid 47137 Spessart- 26
- Nicole 47137 Spessart- 26
Pochwadt Anneliese
47269 Roddom- 80
- Günter 47269 Roddom- 80
Pochylski Heinz-Günter
47166 Kant- 37
- Josef 47198 Breslauer- 6
- Monika 47166 Kant- 35
- Nicole 47166 Beecker- 221
- Siegmund 47138 Ostender- 14
Pock Bärbel 47167 Halfmann- 7
- Hans 47167 Halfmann- 7
- Wolfgang 47279 Zwinger- 40
Pockar Agnes 47137 Horst- 40
- Manfred 47137 Horst- 40
- Rolf 47239 Giesenfeld- 17
Pockart Ingrid 47259 Nordhäuser- 22
- Jakobine 47269 Am Koberg 26
- Wolfgang 47259 Nordhäuser- 22
Pockels Luise 47053 Dickelsbach- 28
- Robert 47053 Dickelsbach- 28
Pockrandt Elfriede 47249 Linden- 42
- Hannelore 47249 Krupp- 34
- Hildegard 47249 Krupp- 34
- Horst 47249 Linden- 42
Einwohner Namen-Teil
A-DU	Firmen, Gewerbebetriebe usw. nach Namen – siehe gelber Teil
